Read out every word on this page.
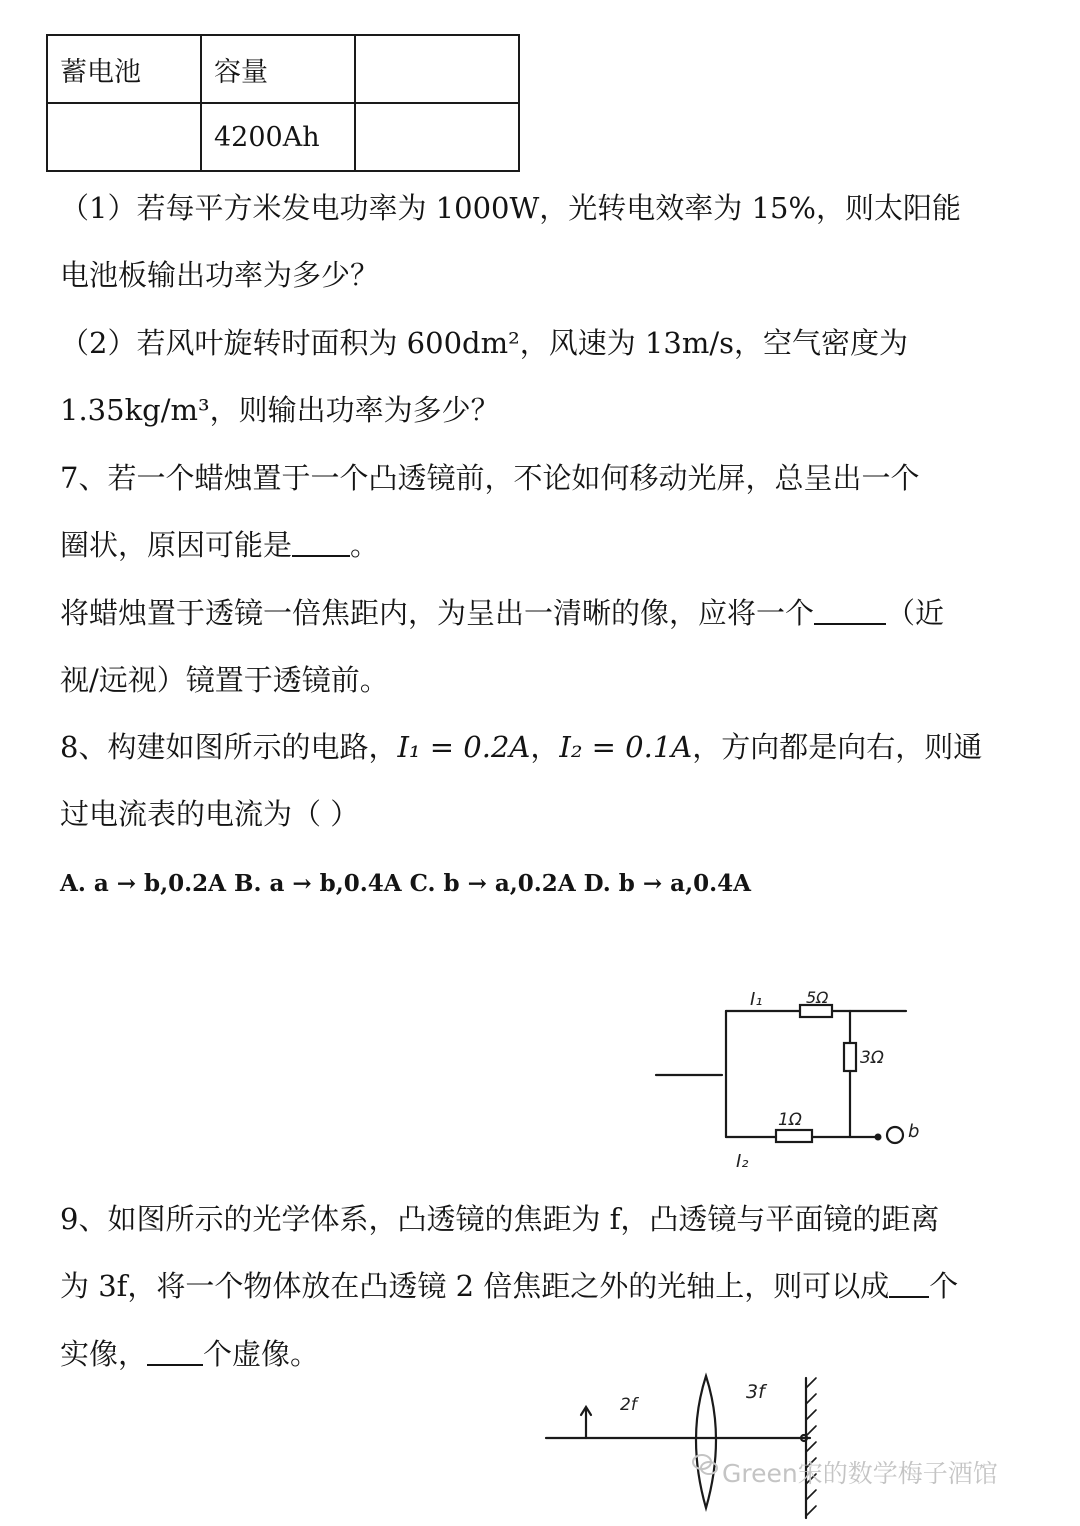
蓄电池	容量	
	4200Ah	
（1）若每平方米发电功率为 1000W，光转电效率为 15%，则太阳能
电池板输出功率为多少？
（2）若风叶旋转时面积为 600dm²，风速为 13m/s，空气密度为
1.35kg/m³，则输出功率为多少？
7、若一个蜡烛置于一个凸透镜前，不论如何移动光屏，总呈出一个
圈状，原因可能是 。
将蜡烛置于透镜一倍焦距内，为呈出一清晰的像，应将一个 （近
视/远视）镜置于透镜前。
8、构建如图所示的电路，I₁ = 0.2A，I₂ = 0.1A，方向都是向右，则通
过电流表的电流为（ ）
A. a → b,0.2A B. a → b,0.4A C. b → a,0.2A D. b → a,0.4A
I₁	5Ω
3Ω
1Ω
b
I₂
9、如图所示的光学体系，凸透镜的焦距为 f，凸透镜与平面镜的距离
为 3f，将一个物体放在凸透镜 2 倍焦距之外的光轴上，则可以成 个
实像， 个虚像。
2f
3f
Green宋的数学梅子酒馆
